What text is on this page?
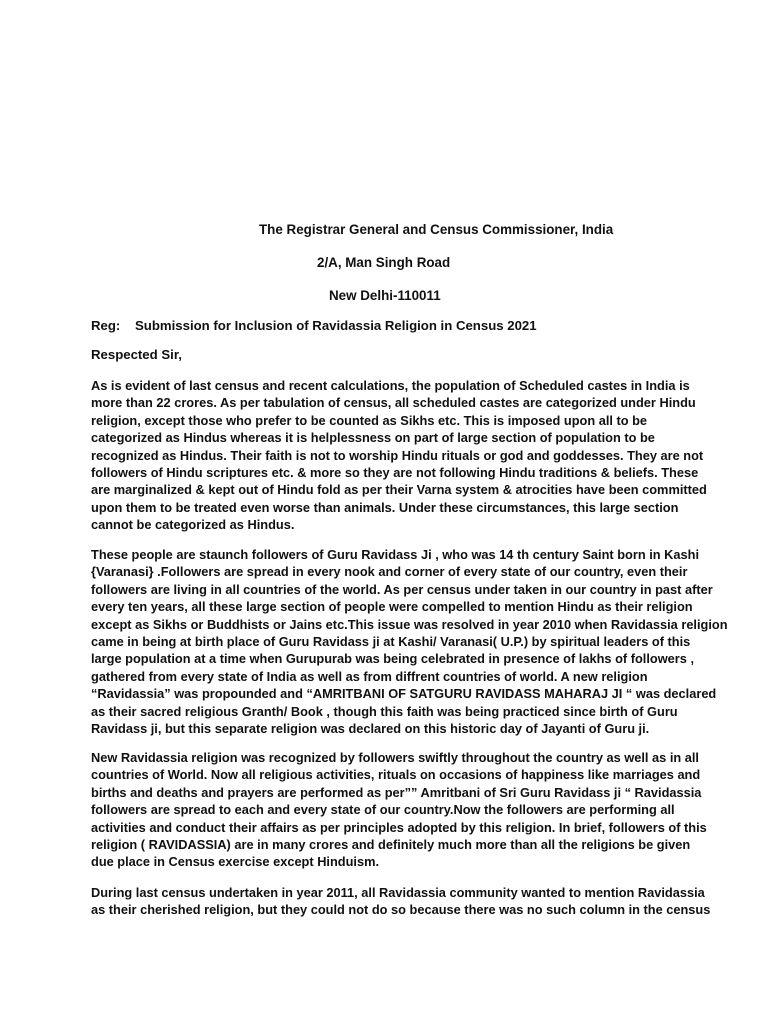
The Registrar General and Census Commissioner, India
2/A, Man Singh Road
New Delhi-110011
Reg: Submission for Inclusion of Ravidassia Religion in Census 2021
Respected Sir,

As is evident of last census and recent calculations, the population of Scheduled castes in India is
more than 22 crores. As per tabulation of census, all scheduled castes are categorized under Hindu
religion, except those who prefer to be counted as Sikhs etc. This is imposed upon all to be
categorized as Hindus whereas it is helplessness on part of large section of population to be
recognized as Hindus. Their faith is not to worship Hindu rituals or god and goddesses. They are not
followers of Hindu scriptures etc. & more so they are not following Hindu traditions & beliefs. These
are marginalized & kept out of Hindu fold as per their Varna system & atrocities have been committed
upon them to be treated even worse than animals. Under these circumstances, this large section
cannot be categorized as Hindus.

These people are staunch followers of Guru Ravidass Ji , who was 14 th century Saint born in Kashi
{Varanasi} .Followers are spread in every nook and corner of every state of our country, even their
followers are living in all countries of the world. As per census under taken in our country in past after
every ten years, all these large section of people were compelled to mention Hindu as their religion
except as Sikhs or Buddhists or Jains etc.This issue was resolved in year 2010 when Ravidassia religion
came in being at birth place of Guru Ravidass ji at Kashi/ Varanasi( U.P.) by spiritual leaders of this
large population at a time when Gurupurab was being celebrated in presence of lakhs of followers ,
gathered from every state of India as well as from diffrent countries of world. A new religion
“Ravidassia” was propounded and “AMRITBANI OF SATGURU RAVIDASS MAHARAJ JI “ was declared
as their sacred religious Granth/ Book , though this faith was being practiced since birth of Guru
Ravidass ji, but this separate religion was declared on this historic day of Jayanti of Guru ji.

New Ravidassia religion was recognized by followers swiftly throughout the country as well as in all
countries of World. Now all religious activities, rituals on occasions of happiness like marriages and
births and deaths and prayers are performed as per”” Amritbani of Sri Guru Ravidass ji “ Ravidassia
followers are spread to each and every state of our country.Now the followers are performing all
activities and conduct their affairs as per principles adopted by this religion. In brief, followers of this
religion ( RAVIDASSIA) are in many crores and definitely much more than all the religions be given
due place in Census exercise except Hinduism.

During last census undertaken in year 2011, all Ravidassia community wanted to mention Ravidassia
as their cherished religion, but they could not do so because there was no such column in the census
